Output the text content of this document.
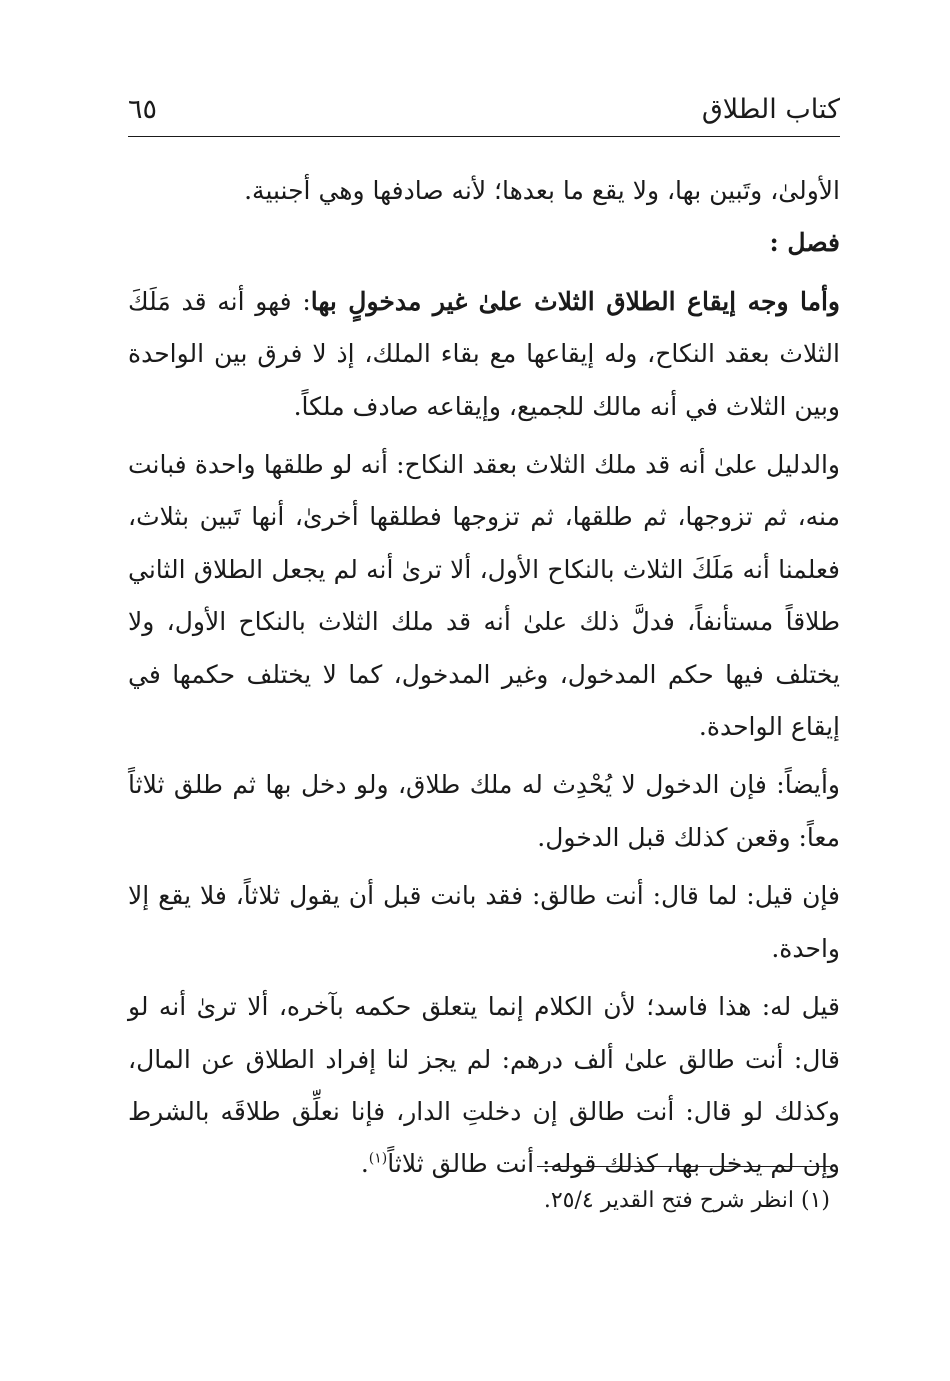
كتاب الطلاق
٦٥

الأولىٰ، وتَبين بها، ولا يقع ما بعدها؛ لأنه صادفها وهي أجنبية.

فصل :

وأما وجه إيقاع الطلاق الثلاث علىٰ غير مدخولٍ بها: فهو أنه قد مَلَكَ الثلاث بعقد النكاح، وله إيقاعها مع بقاء الملك، إذ لا فرق بين الواحدة وبين الثلاث في أنه مالك للجميع، وإيقاعه صادف ملكاً.

والدليل علىٰ أنه قد ملك الثلاث بعقد النكاح: أنه لو طلقها واحدة فبانت منه، ثم تزوجها، ثم طلقها، ثم تزوجها فطلقها أخرىٰ، أنها تَبين بثلاث، فعلمنا أنه مَلَكَ الثلاث بالنكاح الأول، ألا ترىٰ أنه لم يجعل الطلاق الثاني طلاقاً مستأنفاً، فدلَّ ذلك علىٰ أنه قد ملك الثلاث بالنكاح الأول، ولا يختلف فيها حكم المدخول، وغير المدخول، كما لا يختلف حكمها في إيقاع الواحدة.

وأيضاً: فإن الدخول لا يُحْدِث له ملك طلاق، ولو دخل بها ثم طلق ثلاثاً معاً: وقعن كذلك قبل الدخول.

فإن قيل: لما قال: أنت طالق: فقد بانت قبل أن يقول ثلاثاً، فلا يقع إلا واحدة.

قيل له: هذا فاسد؛ لأن الكلام إنما يتعلق حكمه بآخره، ألا ترىٰ أنه لو قال: أنت طالق علىٰ ألف درهم: لم يجز لنا إفراد الطلاق عن المال، وكذلك لو قال: أنت طالق إن دخلتِ الدار، فإنا نعلِّق طلاقَه بالشرط وإن لم يدخل بها، كذلك قوله: أنت طالق ثلاثاً$^{(١)}$.

(١) انظر شرح فتح القدير ٢٥/٤.
